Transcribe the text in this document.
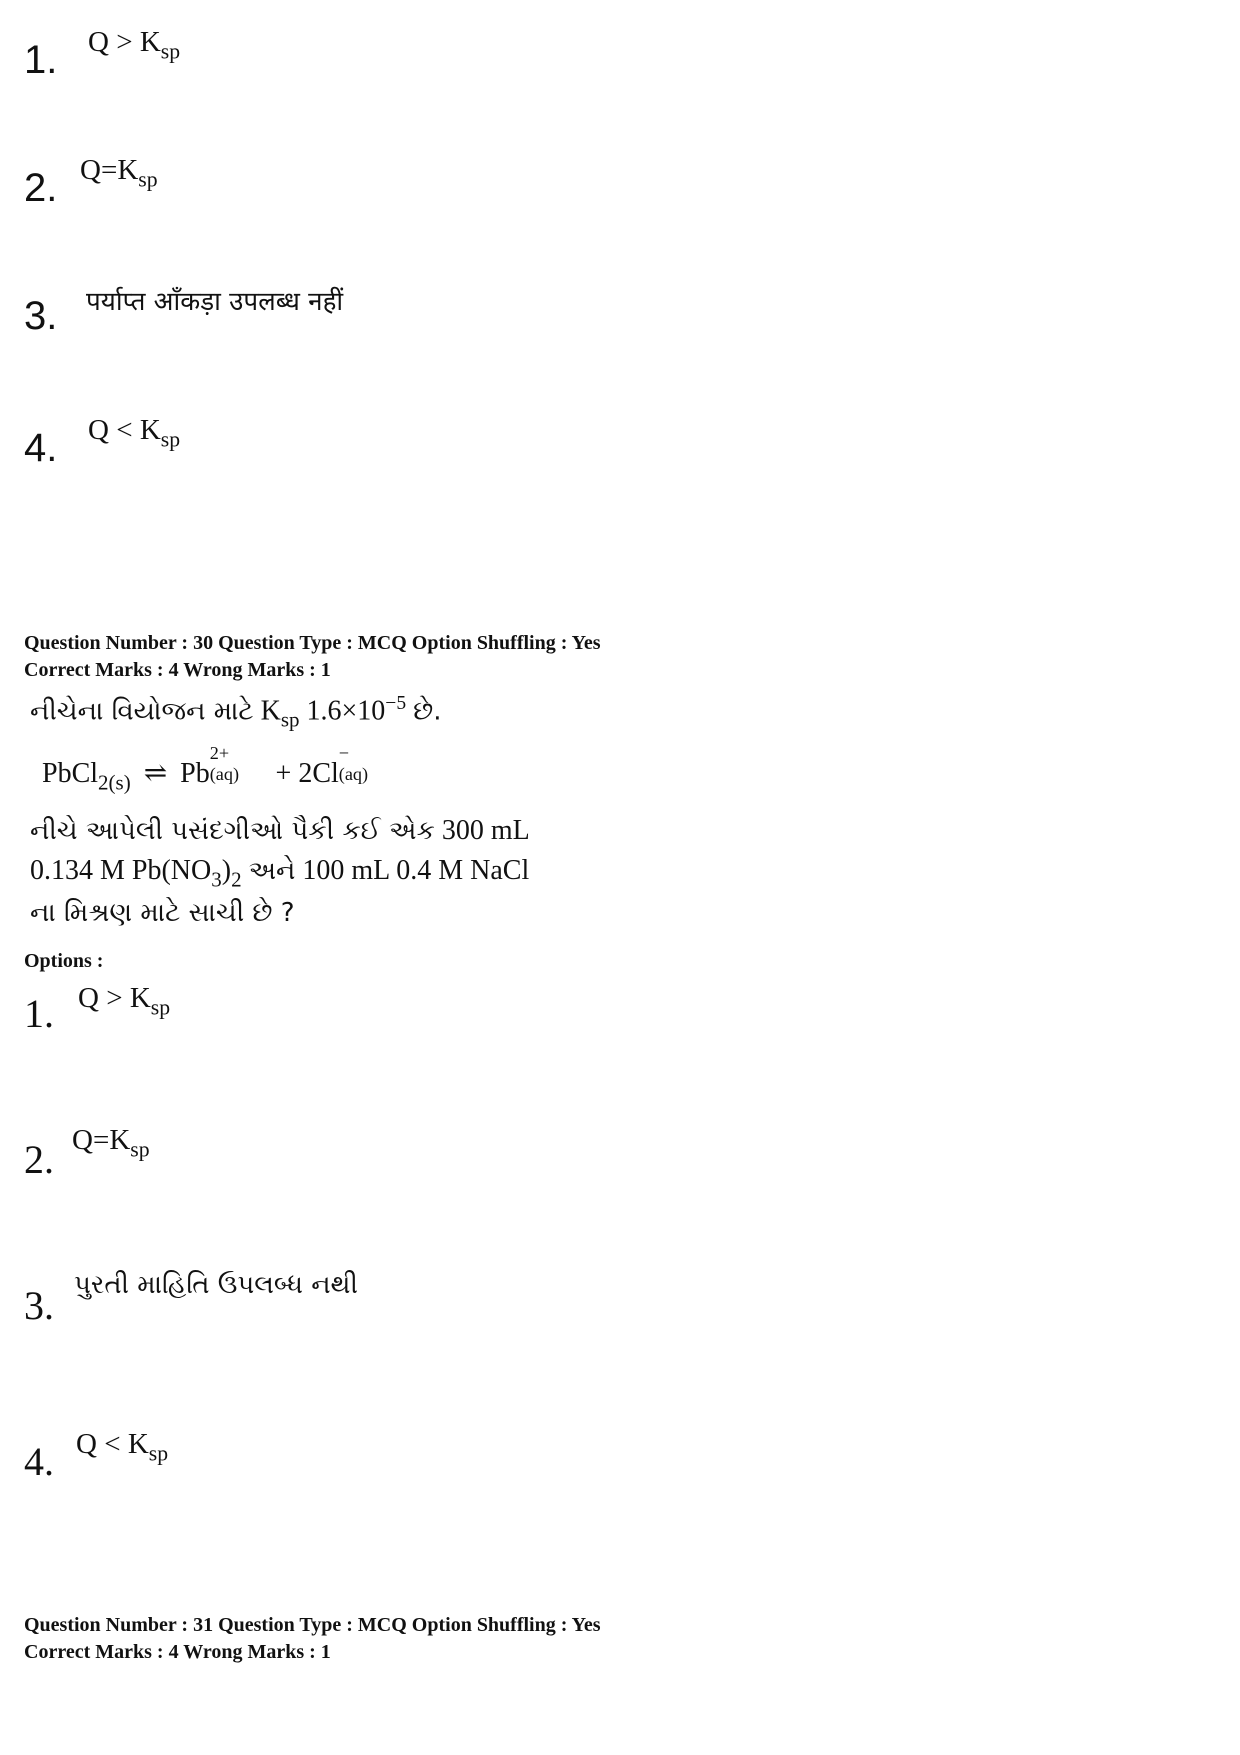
1. $Q > K_{sp}$
2. $Q=K_{sp}$
3. पर्याप्त आँकड़ा उपलब्ध नहीं
4. $Q < K_{sp}$
Question Number : 30 Question Type : MCQ Option Shuffling : Yes
Correct Marks : 4 Wrong Marks : 1
નીચેના વિયોજન માટે $K_{sp}$ $1.6\times 10^{-5}$ છે.
PbCl$_{2(s)}$ ⇌ Pb
2+
(aq) + 2Cl
−
(aq)
નીચે આપેલી પસંદગીઓ પૈકી કઈ એક 300 mL
0.134 M $Pb(NO_3)_2$ અને 100 mL 0.4 M NaCl
ના મિશ્રણ માટે સાચી છે ?
Options :
1. $Q > K_{sp}$
2. $Q=K_{sp}$
3. પુરતી માહિતિ ઉપલબ્ધ નથી
4. $Q < K_{sp}$
Question Number : 31 Question Type : MCQ Option Shuffling : Yes
Correct Marks : 4 Wrong Marks : 1
